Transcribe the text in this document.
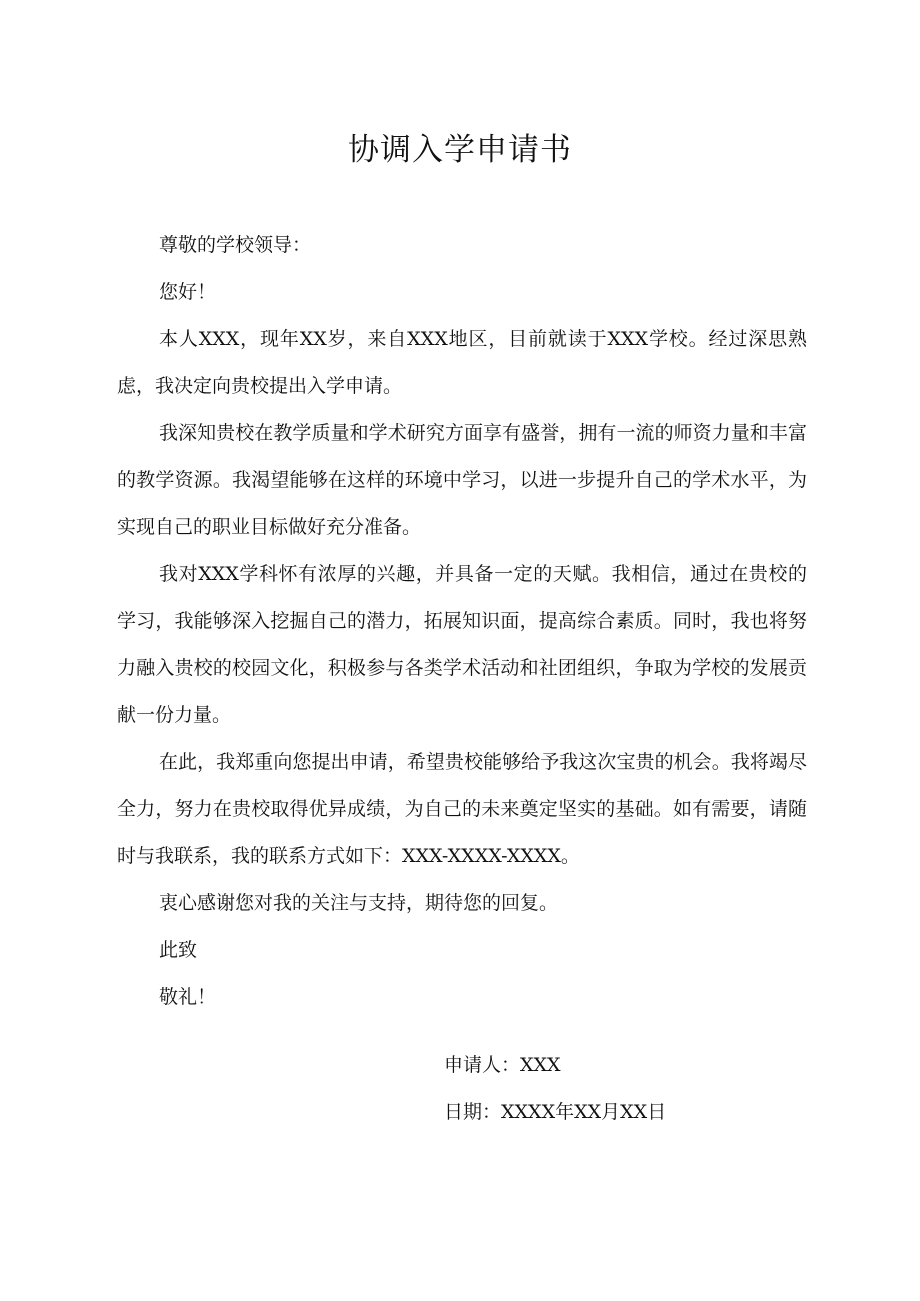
协调入学申请书

尊敬的学校领导：

您好！

本人XXX，现年XX岁，来自XXX地区，目前就读于XXX学校。经过深思熟虑，我决定向贵校提出入学申请。

我深知贵校在教学质量和学术研究方面享有盛誉，拥有一流的师资力量和丰富的教学资源。我渴望能够在这样的环境中学习，以进一步提升自己的学术水平，为实现自己的职业目标做好充分准备。

我对XXX学科怀有浓厚的兴趣，并具备一定的天赋。我相信，通过在贵校的学习，我能够深入挖掘自己的潜力，拓展知识面，提高综合素质。同时，我也将努力融入贵校的校园文化，积极参与各类学术活动和社团组织，争取为学校的发展贡献一份力量。

在此，我郑重向您提出申请，希望贵校能够给予我这次宝贵的机会。我将竭尽全力，努力在贵校取得优异成绩，为自己的未来奠定坚实的基础。如有需要，请随时与我联系，我的联系方式如下：XXX-XXXX-XXXX。

衷心感谢您对我的关注与支持，期待您的回复。

此致

敬礼！

申请人：XXX
日期：XXXX年XX月XX日
